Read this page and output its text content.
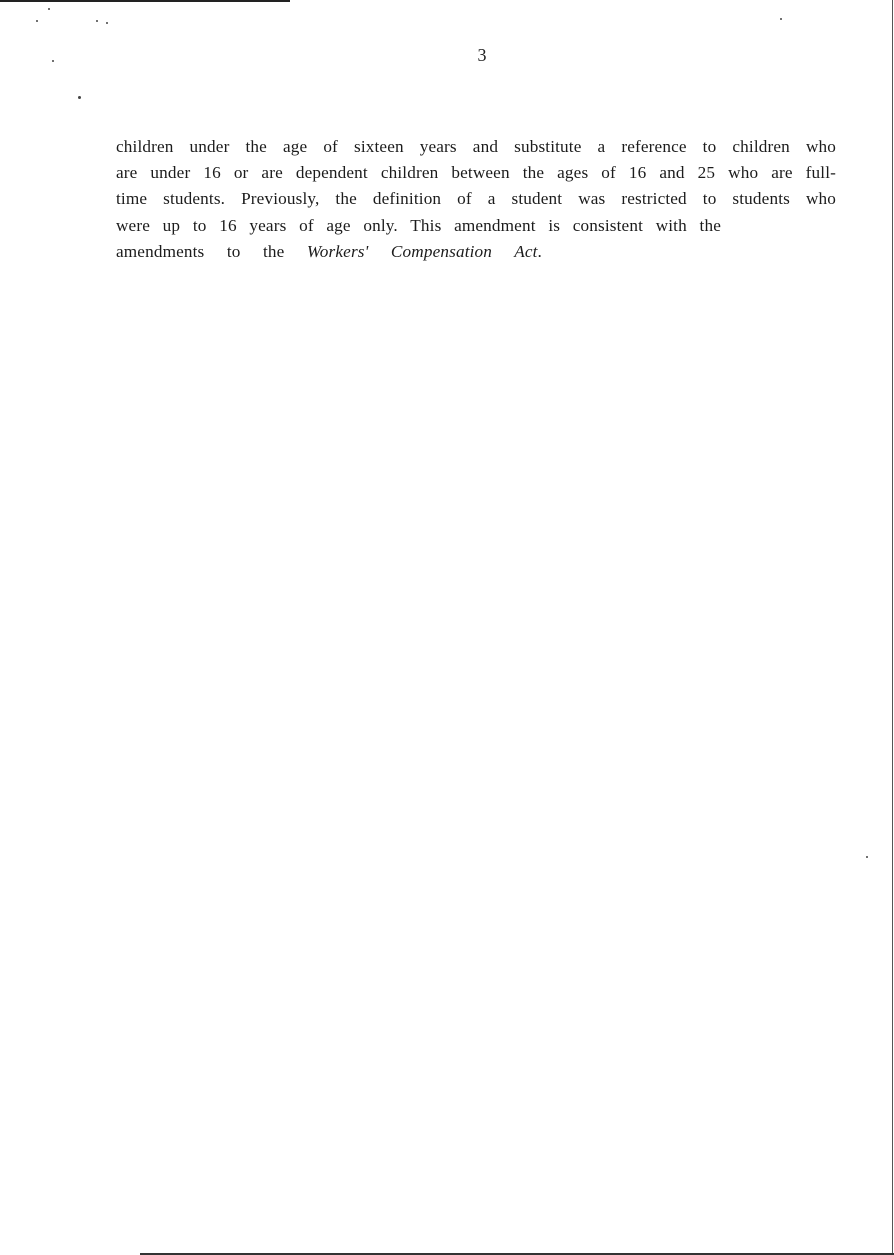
3
children under the age of sixteen years and substitute a reference to children who
are under 16 or are dependent children between the ages of 16 and 25 who are full-
time students. Previously, the definition of a student was restricted to students who
were up to 16 years of age only. This amendment is consistent with the
amendments to the Workers' Compensation Act.
